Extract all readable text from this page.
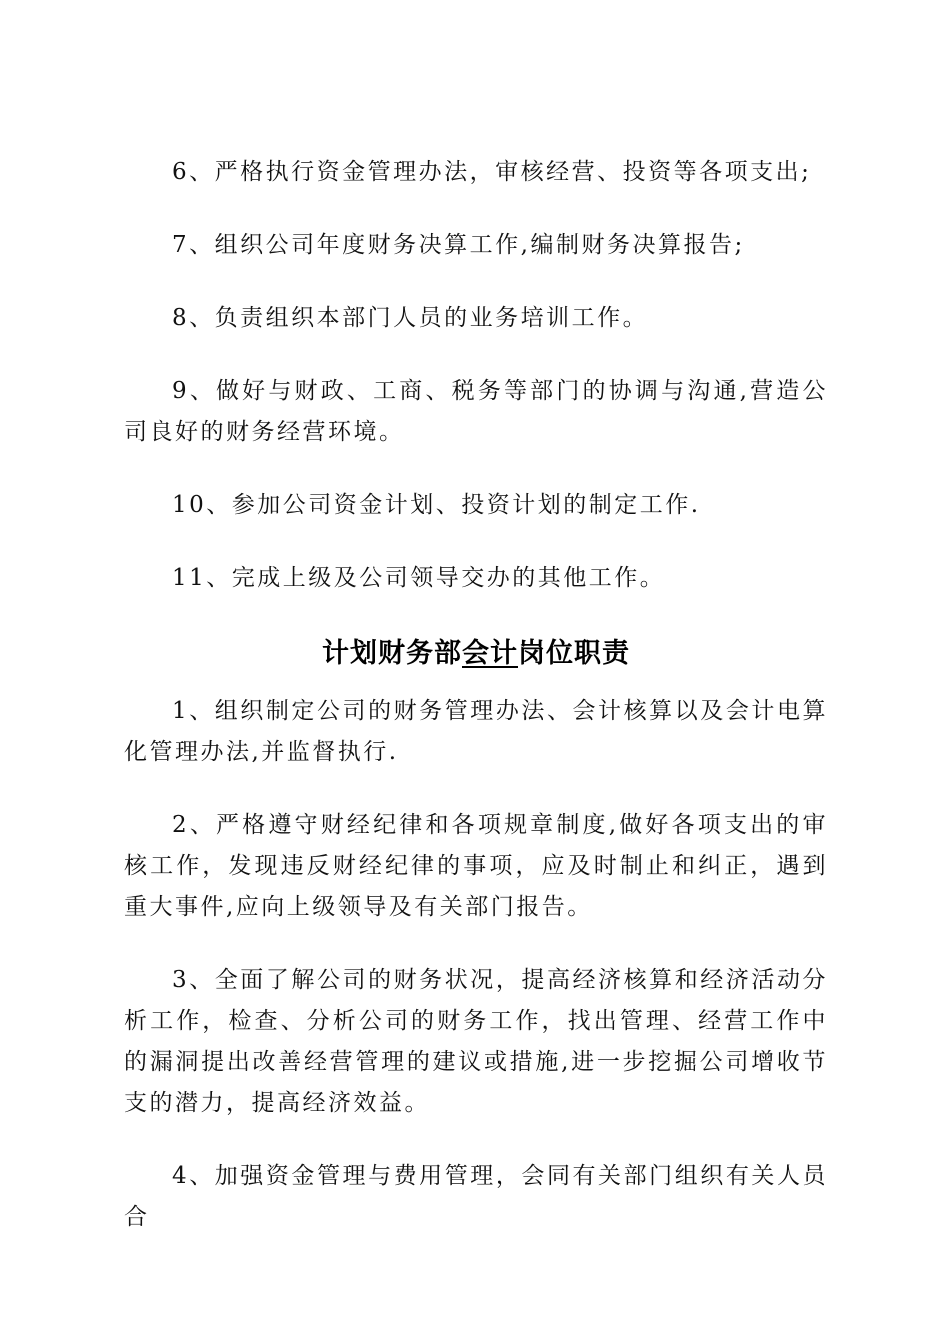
6、严格执行资金管理办法，审核经营、投资等各项支出;

7、组织公司年度财务决算工作,编制财务决算报告;

8、负责组织本部门人员的业务培训工作。

9、做好与财政、工商、税务等部门的协调与沟通,营造公司良好的财务经营环境。

10、参加公司资金计划、投资计划的制定工作.

11、完成上级及公司领导交办的其他工作。

计划财务部会计岗位职责

1、组织制定公司的财务管理办法、会计核算以及会计电算化管理办法,并监督执行.

2、严格遵守财经纪律和各项规章制度,做好各项支出的审核工作，发现违反财经纪律的事项，应及时制止和纠正，遇到重大事件,应向上级领导及有关部门报告。

3、全面了解公司的财务状况，提高经济核算和经济活动分析工作，检查、分析公司的财务工作，找出管理、经营工作中的漏洞提出改善经营管理的建议或措施,进一步挖掘公司增收节支的潜力，提高经济效益。

4、加强资金管理与费用管理，会同有关部门组织有关人员合
